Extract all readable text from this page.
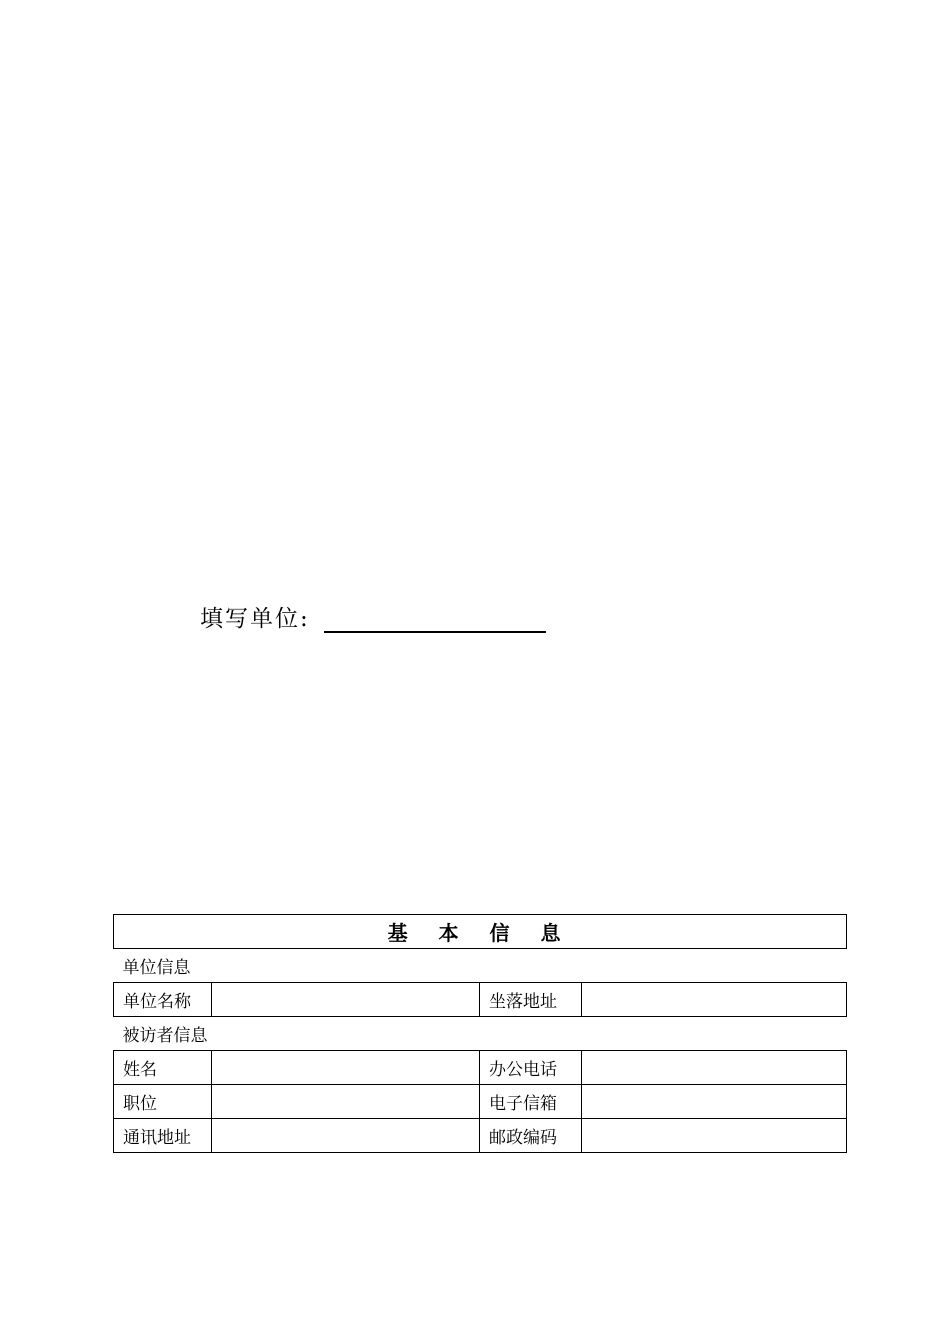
填写单位:
基 本 信 息			
单位信息			
单位名称		坐落地址	
被访者信息			
姓名		办公电话	
职位		电子信箱	
通讯地址		邮政编码	
